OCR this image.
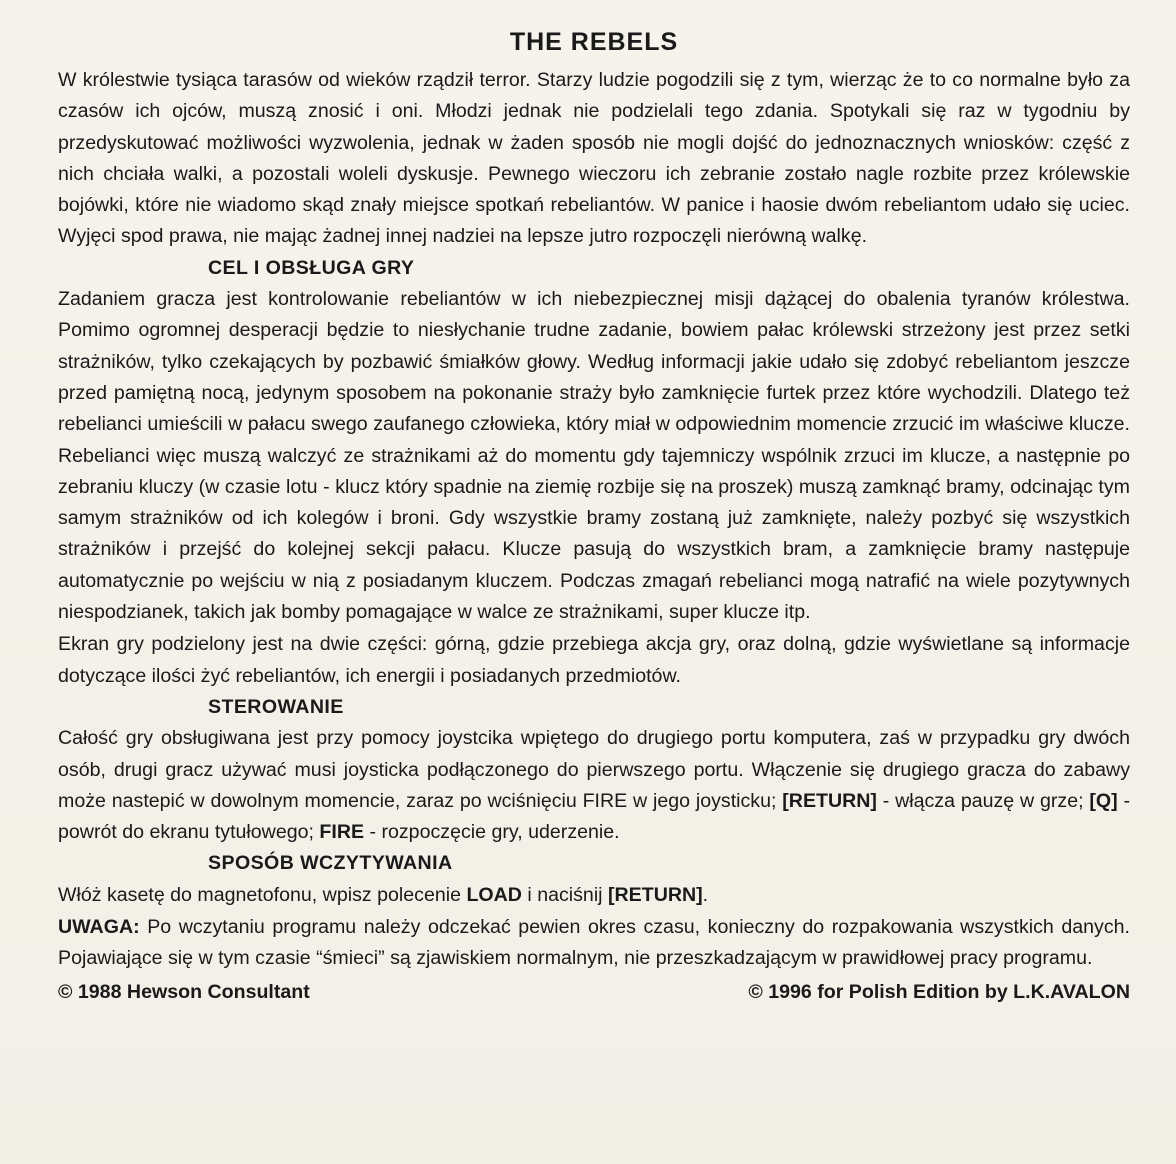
THE REBELS

W królestwie tysiąca tarasów od wieków rządził terror. Starzy ludzie pogodzili się z tym, wierząc że to co normalne było za czasów ich ojców, muszą znosić i oni. Młodzi jednak nie podzielali tego zdania. Spotykali się raz w tygodniu by przedyskutować możliwości wyzwolenia, jednak w żaden sposób nie mogli dojść do jednoznacznych wniosków: część z nich chciała walki, a pozostali woleli dyskusje. Pewnego wieczoru ich zebranie zostało nagle rozbite przez królewskie bojówki, które nie wiadomo skąd znały miejsce spotkań rebeliantów. W panice i haosie dwóm rebeliantom udało się uciec. Wyjęci spod prawa, nie mając żadnej innej nadziei na lepsze jutro rozpoczęli nierówną walkę.

CEL I OBSŁUGA GRY

Zadaniem gracza jest kontrolowanie rebeliantów w ich niebezpiecznej misji dążącej do obalenia tyranów królestwa. Pomimo ogromnej desperacji będzie to niesłychanie trudne zadanie, bowiem pałac królewski strzeżony jest przez setki strażników, tylko czekających by pozbawić śmiałków głowy. Według informacji jakie udało się zdobyć rebeliantom jeszcze przed pamiętną nocą, jedynym sposobem na pokonanie straży było zamknięcie furtek przez które wychodzili. Dlatego też rebelianci umieścili w pałacu swego zaufanego człowieka, który miał w odpowiednim momencie zrzucić im właściwe klucze. Rebelianci więc muszą walczyć ze strażnikami aż do momentu gdy tajemniczy wspólnik zrzuci im klucze, a następnie po zebraniu kluczy (w czasie lotu - klucz który spadnie na ziemię rozbije się na proszek) muszą zamknąć bramy, odcinając tym samym strażników od ich kolegów i broni. Gdy wszystkie bramy zostaną już zamknięte, należy pozbyć się wszystkich strażników i przejść do kolejnej sekcji pałacu. Klucze pasują do wszystkich bram, a zamknięcie bramy następuje automatycznie po wejściu w nią z posiadanym kluczem. Podczas zmagań rebelianci mogą natrafić na wiele pozytywnych niespodzianek, takich jak bomby pomagające w walce ze strażnikami, super klucze itp.

Ekran gry podzielony jest na dwie części: górną, gdzie przebiega akcja gry, oraz dolną, gdzie wyświetlane są informacje dotyczące ilości żyć rebeliantów, ich energii i posiadanych przedmiotów.

STEROWANIE

Całość gry obsługiwana jest przy pomocy joystcika wpiętego do drugiego portu komputera, zaś w przypadku gry dwóch osób, drugi gracz używać musi joysticka podłączonego do pierwszego portu. Włączenie się drugiego gracza do zabawy może nastepić w dowolnym momencie, zaraz po wciśnięciu FIRE w jego joysticku; [RETURN] - włącza pauzę w grze; [Q] - powrót do ekranu tytułowego; FIRE - rozpoczęcie gry, uderzenie.

SPOSÓB WCZYTYWANIA

Włóż kasetę do magnetofonu, wpisz polecenie LOAD i naciśnij [RETURN].

UWAGA: Po wczytaniu programu należy odczekać pewien okres czasu, konieczny do rozpakowania wszystkich danych. Pojawiające się w tym czasie “śmieci” są zjawiskiem normalnym, nie przeszkadzającym w prawidłowej pracy programu.

© 1988 Hewson Consultant	© 1996 for Polish Edition by L.K.AVALON
